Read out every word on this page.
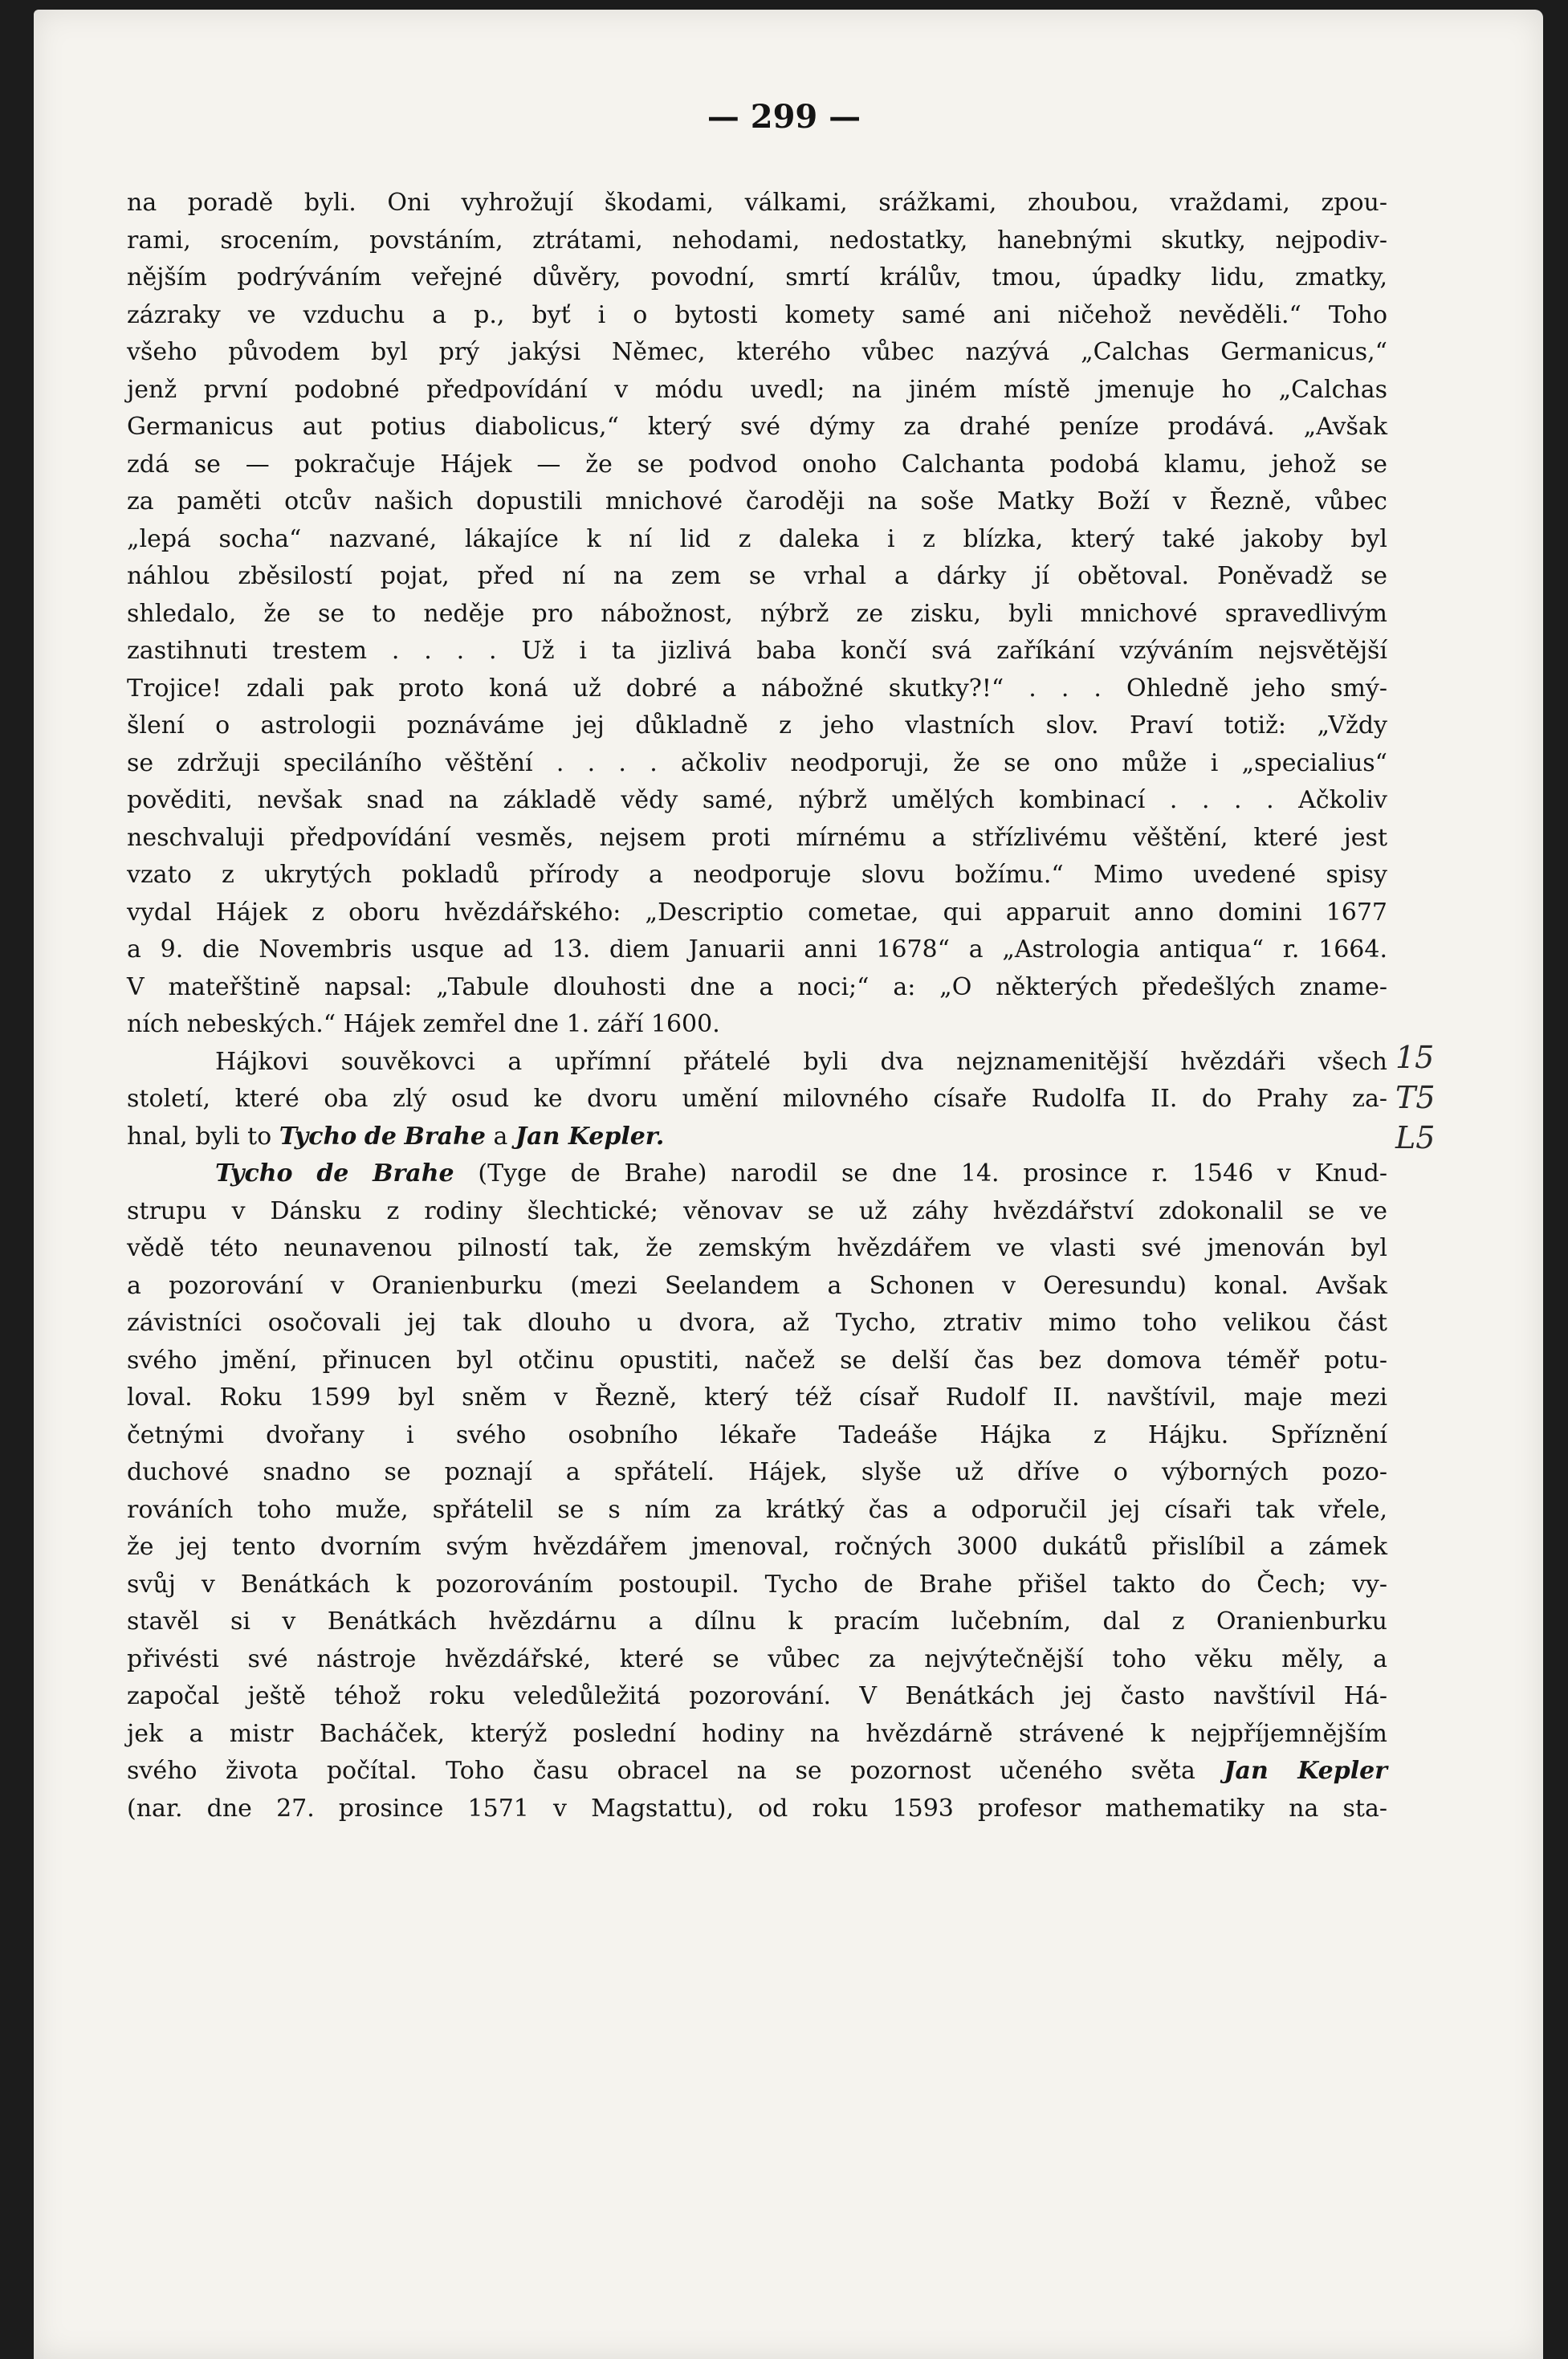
— 299 —
na poradě byli. Oni vyhrožují škodami, válkami, srážkami, zhoubou, vraždami, zpou-
rami, srocením, povstáním, ztrátami, nehodami, nedostatky, hanebnými skutky, nejpodiv-
nějším podrýváním veřejné důvěry, povodní, smrtí králův, tmou, úpadky lidu, zmatky,
zázraky ve vzduchu a p., byť i o bytosti komety samé ani ničehož nevěděli.“ Toho
všeho původem byl prý jakýsi Němec, kterého vůbec nazývá „Calchas Germanicus,“
jenž první podobné předpovídání v módu uvedl; na jiném místě jmenuje ho „Calchas
Germanicus aut potius diabolicus,“ který své dýmy za drahé peníze prodává. „Avšak
zdá se — pokračuje Hájek — že se podvod onoho Calchanta podobá klamu, jehož se
za paměti otcův našich dopustili mnichové čaroději na soše Matky Boží v Řezně, vůbec
„lepá socha“ nazvané, lákajíce k ní lid z daleka i z blízka, který také jakoby byl
náhlou zběsilostí pojat, před ní na zem se vrhal a dárky jí obětoval. Poněvadž se
shledalo, že se to neděje pro nábožnost, nýbrž ze zisku, byli mnichové spravedlivým
zastihnuti trestem . . . . Už i ta jizlivá baba končí svá zaříkání vzýváním nejsvětější
Trojice! zdali pak proto koná už dobré a nábožné skutky?!“ . . . Ohledně jeho smý-
šlení o astrologii poznáváme jej důkladně z jeho vlastních slov. Praví totiž: „Vždy
se zdržuji speciláního věštění . . . . ačkoliv neodporuji, že se ono může i „specialius“
pověditi, nevšak snad na základě vědy samé, nýbrž umělých kombinací . . . . Ačkoliv
neschvaluji předpovídání vesměs, nejsem proti mírnému a střízlivému věštění, které jest
vzato z ukrytých pokladů přírody a neodporuje slovu božímu.“ Mimo uvedené spisy
vydal Hájek z oboru hvězdářského: „Descriptio cometae, qui apparuit anno domini 1677
a 9. die Novembris usque ad 13. diem Januarii anni 1678“ a „Astrologia antiqua“ r. 1664.
V mateřštině napsal: „Tabule dlouhosti dne a noci;“ a: „O některých předešlých zname-
ních nebeských.“ Hájek zemřel dne 1. září 1600.
Hájkovi souvěkovci a upřímní přátelé byli dva nejznamenitější hvězdáři všech
století, které oba zlý osud ke dvoru umění milovného císaře Rudolfa II. do Prahy za-
hnal, byli to Tycho de Brahe a Jan Kepler.
Tycho de Brahe (Tyge de Brahe) narodil se dne 14. prosince r. 1546 v Knud-
strupu v Dánsku z rodiny šlechtické; věnovav se už záhy hvězdářství zdokonalil se ve
vědě této neunavenou pilností tak, že zemským hvězdářem ve vlasti své jmenován byl
a pozorování v Oranienburku (mezi Seelandem a Schonen v Oeresundu) konal. Avšak
závistníci osočovali jej tak dlouho u dvora, až Tycho, ztrativ mimo toho velikou část
svého jmění, přinucen byl otčinu opustiti, načež se delší čas bez domova téměř potu-
loval. Roku 1599 byl sněm v Řezně, který též císař Rudolf II. navštívil, maje mezi
četnými dvořany i svého osobního lékaře Tadeáše Hájka z Hájku. Spříznění
duchové snadno se poznají a spřátelí. Hájek, slyše už dříve o výborných pozo-
rováních toho muže, spřátelil se s ním za krátký čas a odporučil jej císaři tak vřele,
že jej tento dvorním svým hvězdářem jmenoval, ročných 3000 dukátů přislíbil a zámek
svůj v Benátkách k pozorováním postoupil. Tycho de Brahe přišel takto do Čech; vy-
stavěl si v Benátkách hvězdárnu a dílnu k pracím lučebním, dal z Oranienburku
přivésti své nástroje hvězdářské, které se vůbec za nejvýtečnější toho věku měly, a
započal ještě téhož roku veledůležitá pozorování. V Benátkách jej často navštívil Há-
jek a mistr Bacháček, kterýž poslední hodiny na hvězdárně strávené k nejpříjemnějším
svého života počítal. Toho času obracel na se pozornost učeného světa Jan Kepler
(nar. dne 27. prosince 1571 v Magstattu), od roku 1593 profesor mathematiky na sta-
15
T5
L5
